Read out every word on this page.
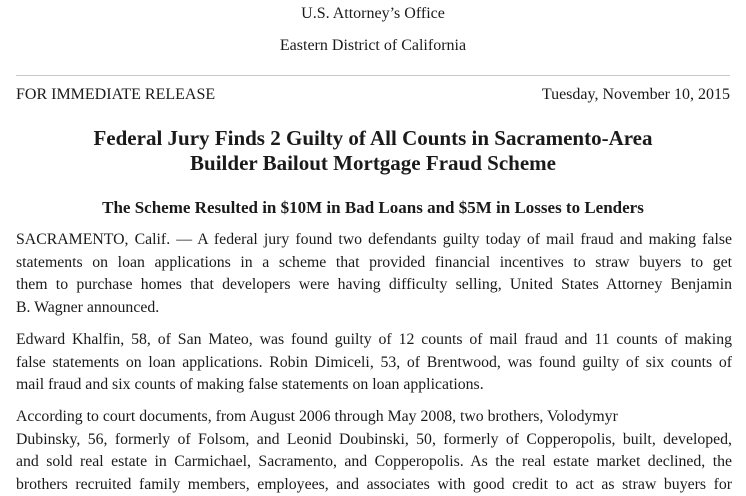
U.S. Attorney’s Office
Eastern District of California
FOR IMMEDIATE RELEASE	Tuesday, November 10, 2015
Federal Jury Finds 2 Guilty of All Counts in Sacramento-Area
Builder Bailout Mortgage Fraud Scheme
The Scheme Resulted in $10M in Bad Loans and $5M in Losses to Lenders
SACRAMENTO, Calif. — A federal jury found two defendants guilty today of mail fraud and making false
statements on loan applications in a scheme that provided financial incentives to straw buyers to get
them to purchase homes that developers were having difficulty selling, United States Attorney Benjamin
B. Wagner announced.
Edward Khalfin, 58, of San Mateo, was found guilty of 12 counts of mail fraud and 11 counts of making
false statements on loan applications. Robin Dimiceli, 53, of Brentwood, was found guilty of six counts of
mail fraud and six counts of making false statements on loan applications.
According to court documents, from August 2006 through May 2008, two brothers, Volodymyr
Dubinsky, 56, formerly of Folsom, and Leonid Doubinski, 50, formerly of Copperopolis, built, developed,
and sold real estate in Carmichael, Sacramento, and Copperopolis. As the real estate market declined, the
brothers recruited family members, employees, and associates with good credit to act as straw buyers for
